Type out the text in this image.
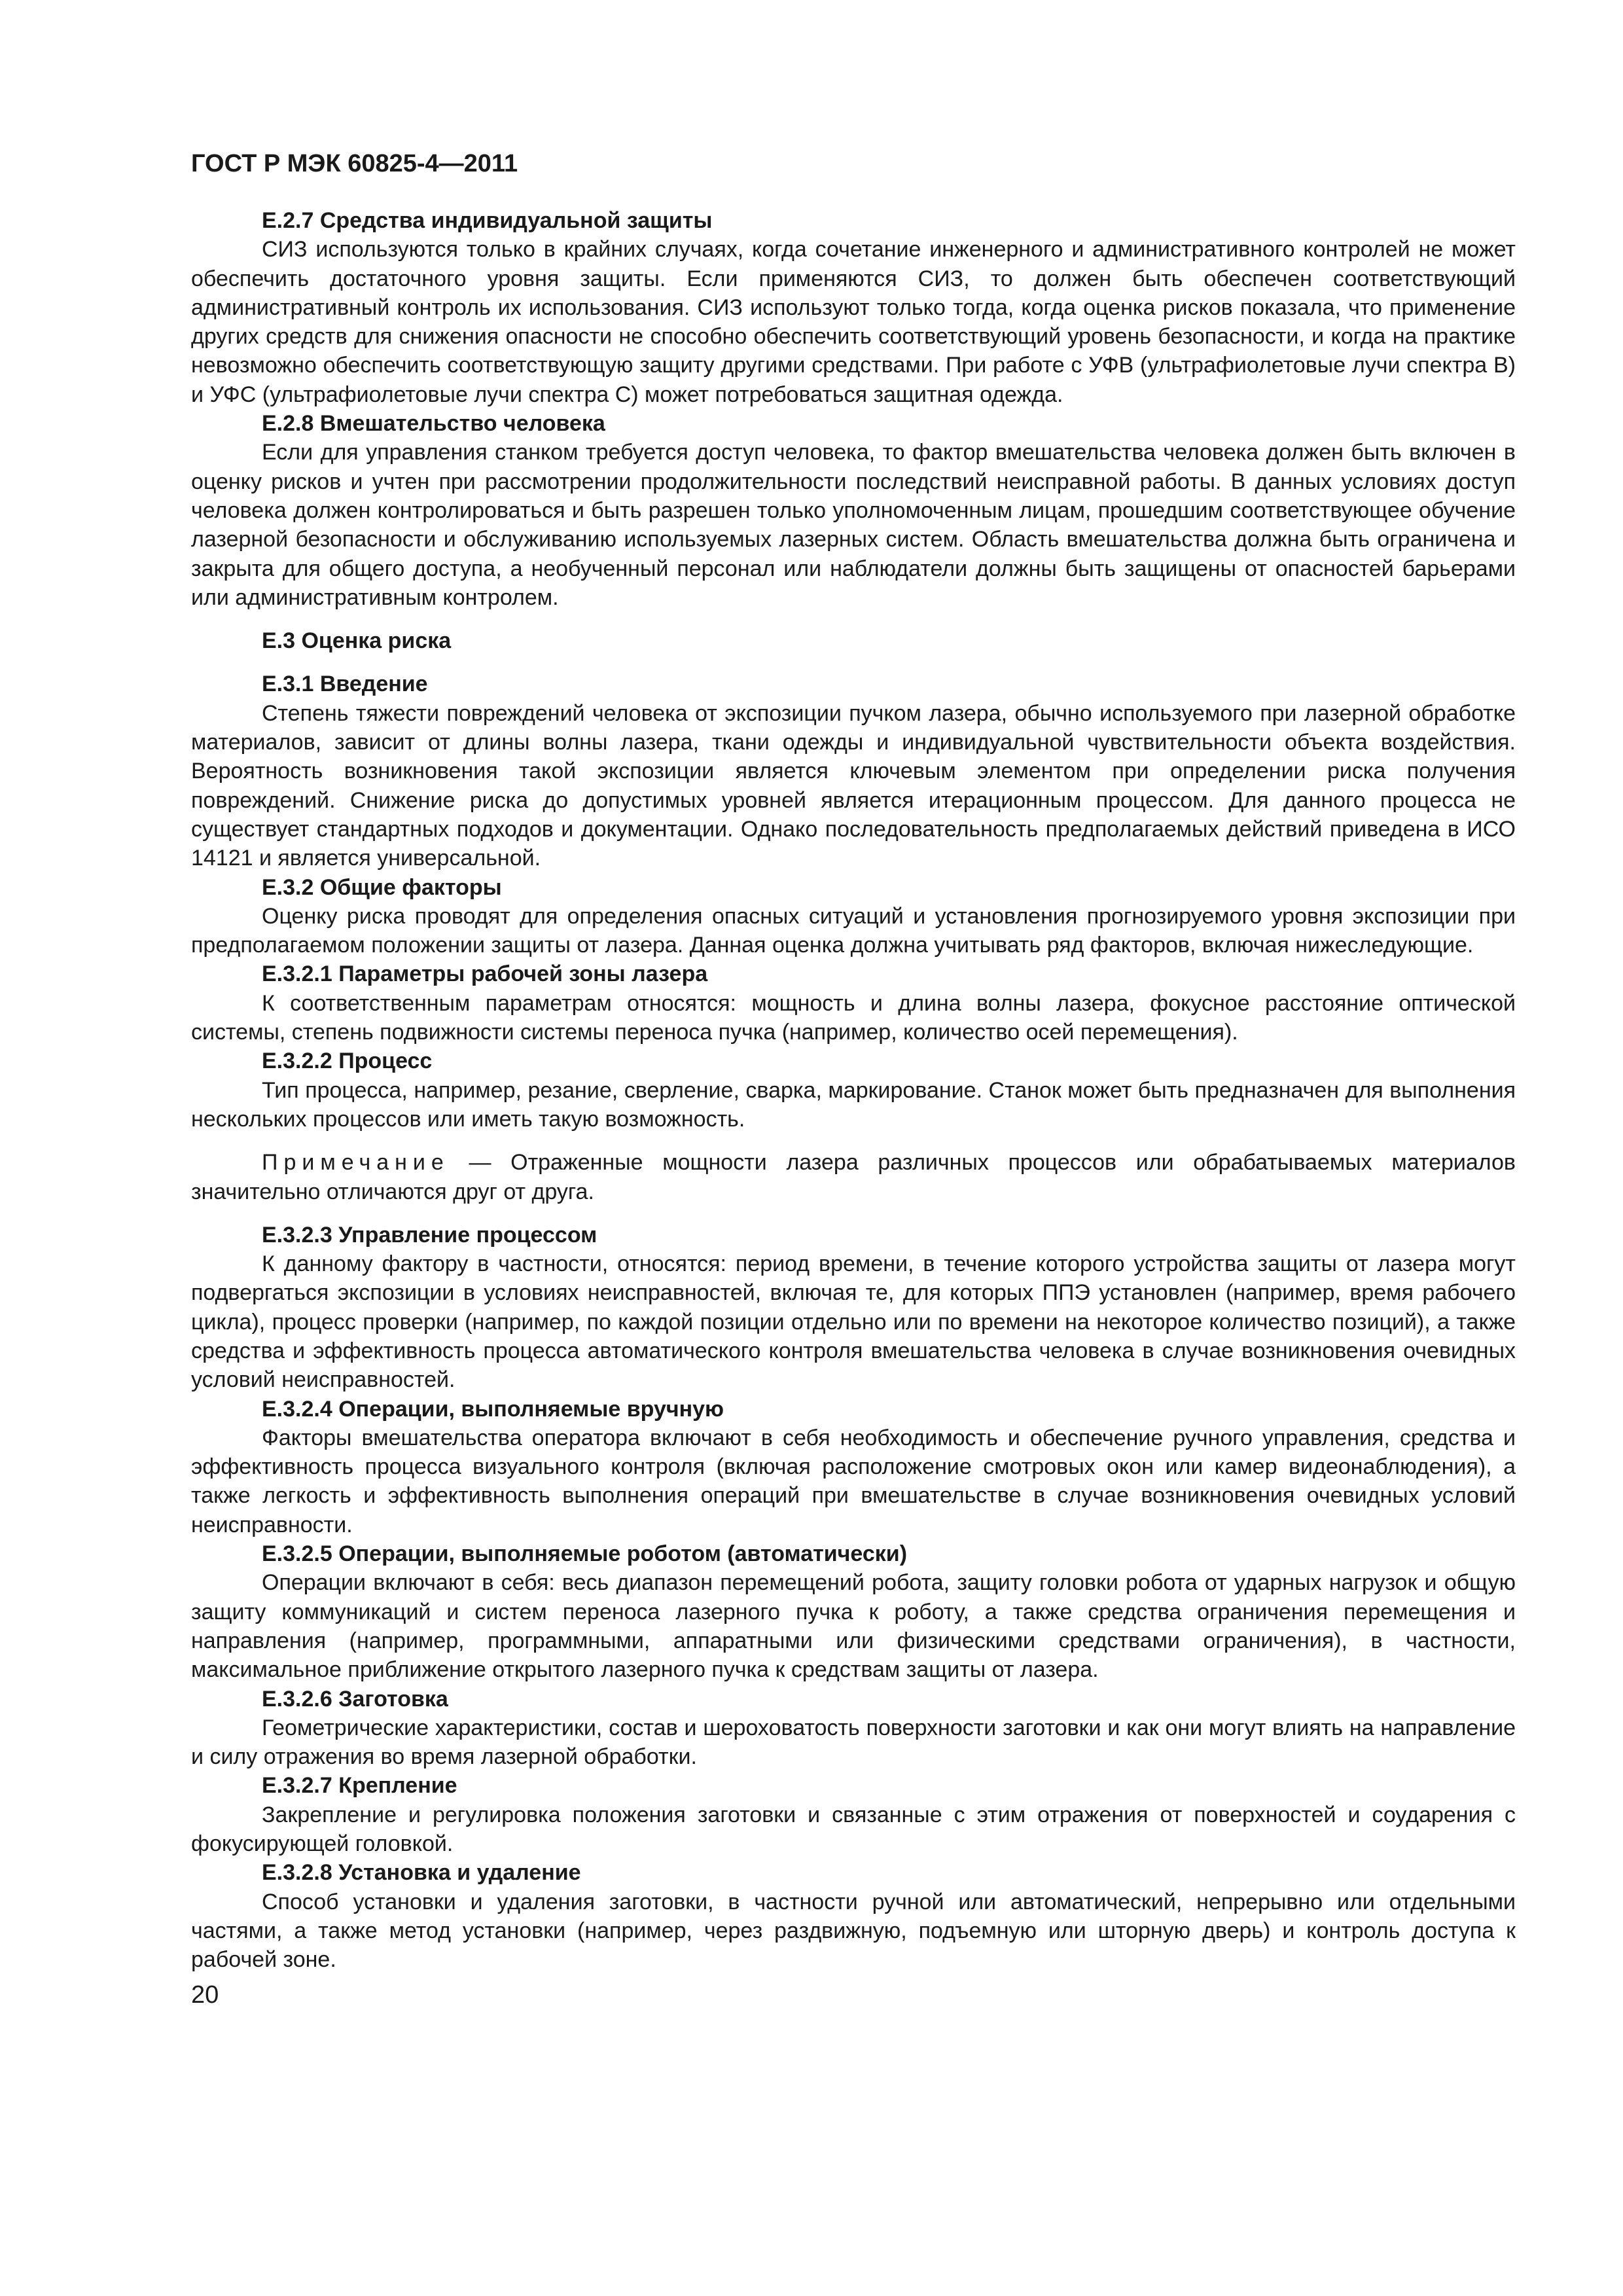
ГОСТ Р МЭК 60825-4—2011
Е.2.7 Средства индивидуальной защиты
СИЗ используются только в крайних случаях, когда сочетание инженерного и административного контролей не может обеспечить достаточного уровня защиты. Если применяются СИЗ, то должен быть обеспечен соответствующий административный контроль их использования. СИЗ используют только тогда, когда оценка рисков показала, что применение других средств для снижения опасности не способно обеспечить соответствующий уровень безопасности, и когда на практике невозможно обеспечить соответствующую защиту другими средствами. При работе с УФВ (ультрафиолетовые лучи спектра В) и УФС (ультрафиолетовые лучи спектра С) может потребоваться защитная одежда.
Е.2.8 Вмешательство человека
Если для управления станком требуется доступ человека, то фактор вмешательства человека должен быть включен в оценку рисков и учтен при рассмотрении продолжительности последствий неисправной работы. В данных условиях доступ человека должен контролироваться и быть разрешен только уполномоченным лицам, прошедшим соответствующее обучение лазерной безопасности и обслуживанию используемых лазерных систем. Область вмешательства должна быть ограничена и закрыта для общего доступа, а необученный персонал или наблюдатели должны быть защищены от опасностей барьерами или административным контролем.
Е.3 Оценка риска
Е.3.1 Введение
Степень тяжести повреждений человека от экспозиции пучком лазера, обычно используемого при лазерной обработке материалов, зависит от длины волны лазера, ткани одежды и индивидуальной чувствительности объекта воздействия. Вероятность возникновения такой экспозиции является ключевым элементом при определении риска получения повреждений. Снижение риска до допустимых уровней является итерационным процессом. Для данного процесса не существует стандартных подходов и документации. Однако последовательность предполагаемых действий приведена в ИСО 14121 и является универсальной.
Е.3.2 Общие факторы
Оценку риска проводят для определения опасных ситуаций и установления прогнозируемого уровня экспозиции при предполагаемом положении защиты от лазера. Данная оценка должна учитывать ряд факторов, включая нижеследующие.
Е.3.2.1 Параметры рабочей зоны лазера
К соответственным параметрам относятся: мощность и длина волны лазера, фокусное расстояние оптической системы, степень подвижности системы переноса пучка (например, количество осей перемещения).
Е.3.2.2 Процесс
Тип процесса, например, резание, сверление, сварка, маркирование. Станок может быть предназначен для выполнения нескольких процессов или иметь такую возможность.
Примечание — Отраженные мощности лазера различных процессов или обрабатываемых материалов значительно отличаются друг от друга.
Е.3.2.3 Управление процессом
К данному фактору в частности, относятся: период времени, в течение которого устройства защиты от лазера могут подвергаться экспозиции в условиях неисправностей, включая те, для которых ППЭ установлен (например, время рабочего цикла), процесс проверки (например, по каждой позиции отдельно или по времени на некоторое количество позиций), а также средства и эффективность процесса автоматического контроля вмешательства человека в случае возникновения очевидных условий неисправностей.
Е.3.2.4 Операции, выполняемые вручную
Факторы вмешательства оператора включают в себя необходимость и обеспечение ручного управления, средства и эффективность процесса визуального контроля (включая расположение смотровых окон или камер видеонаблюдения), а также легкость и эффективность выполнения операций при вмешательстве в случае возникновения очевидных условий неисправности.
Е.3.2.5 Операции, выполняемые роботом (автоматически)
Операции включают в себя: весь диапазон перемещений робота, защиту головки робота от ударных нагрузок и общую защиту коммуникаций и систем переноса лазерного пучка к роботу, а также средства ограничения перемещения и направления (например, программными, аппаратными или физическими средствами ограничения), в частности, максимальное приближение открытого лазерного пучка к средствам защиты от лазера.
Е.3.2.6 Заготовка
Геометрические характеристики, состав и шероховатость поверхности заготовки и как они могут влиять на направление и силу отражения во время лазерной обработки.
Е.3.2.7 Крепление
Закрепление и регулировка положения заготовки и связанные с этим отражения от поверхностей и соударения с фокусирующей головкой.
Е.3.2.8 Установка и удаление
Способ установки и удаления заготовки, в частности ручной или автоматический, непрерывно или отдельными частями, а также метод установки (например, через раздвижную, подъемную или шторную дверь) и контроль доступа к рабочей зоне.
20
